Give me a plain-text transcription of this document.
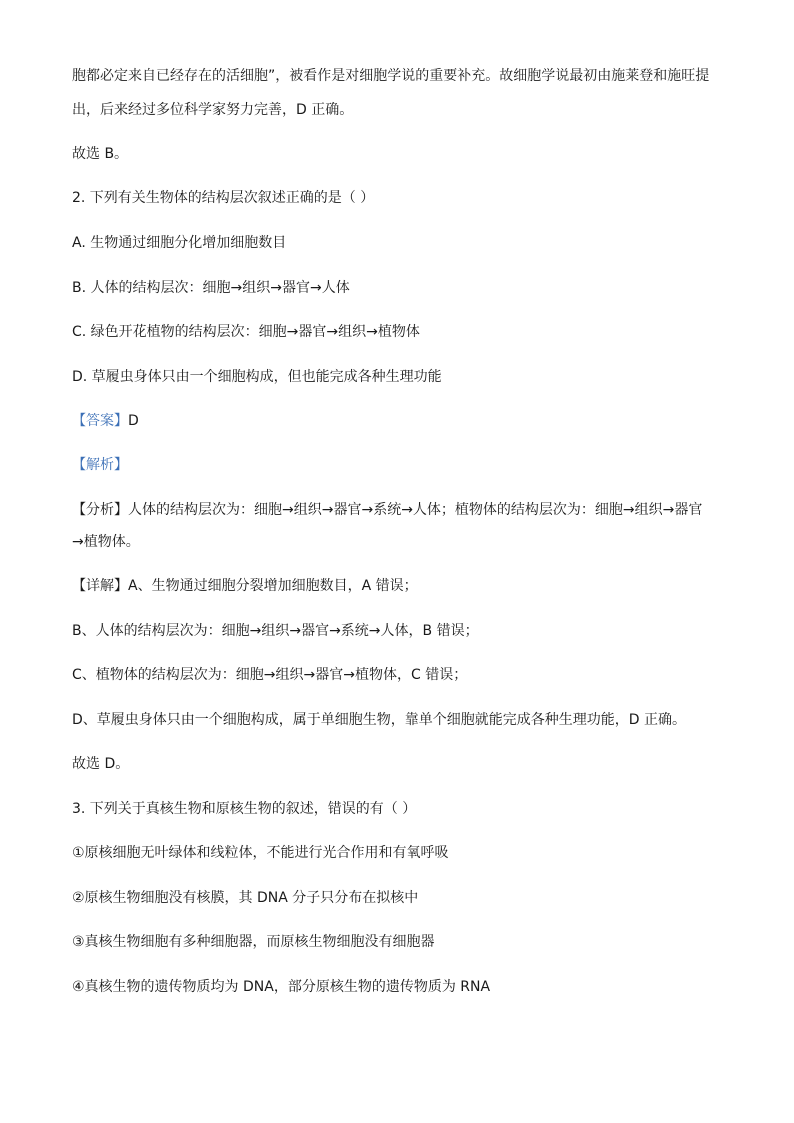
胞都必定来自已经存在的活细胞”，被看作是对细胞学说的重要补充。故细胞学说最初由施莱登和施旺提
出，后来经过多位科学家努力完善，D 正确。
故选 B。
2. 下列有关生物体的结构层次叙述正确的是（ ）
A. 生物通过细胞分化增加细胞数目
B. 人体的结构层次：细胞→组织→器官→人体
C. 绿色开花植物的结构层次：细胞→器官→组织→植物体
D. 草履虫身体只由一个细胞构成，但也能完成各种生理功能
【答案】D
【解析】
【分析】人体的结构层次为：细胞→组织→器官→系统→人体；植物体的结构层次为：细胞→组织→器官
→植物体。
【详解】A、生物通过细胞分裂增加细胞数目，A 错误；
B、人体的结构层次为：细胞→组织→器官→系统→人体，B 错误；
C、植物体的结构层次为：细胞→组织→器官→植物体，C 错误；
D、草履虫身体只由一个细胞构成，属于单细胞生物，靠单个细胞就能完成各种生理功能，D 正确。
故选 D。
3. 下列关于真核生物和原核生物的叙述，错误的有（ ）
①原核细胞无叶绿体和线粒体，不能进行光合作用和有氧呼吸
②原核生物细胞没有核膜，其 DNA 分子只分布在拟核中
③真核生物细胞有多种细胞器，而原核生物细胞没有细胞器
④真核生物的遗传物质均为 DNA，部分原核生物的遗传物质为 RNA
